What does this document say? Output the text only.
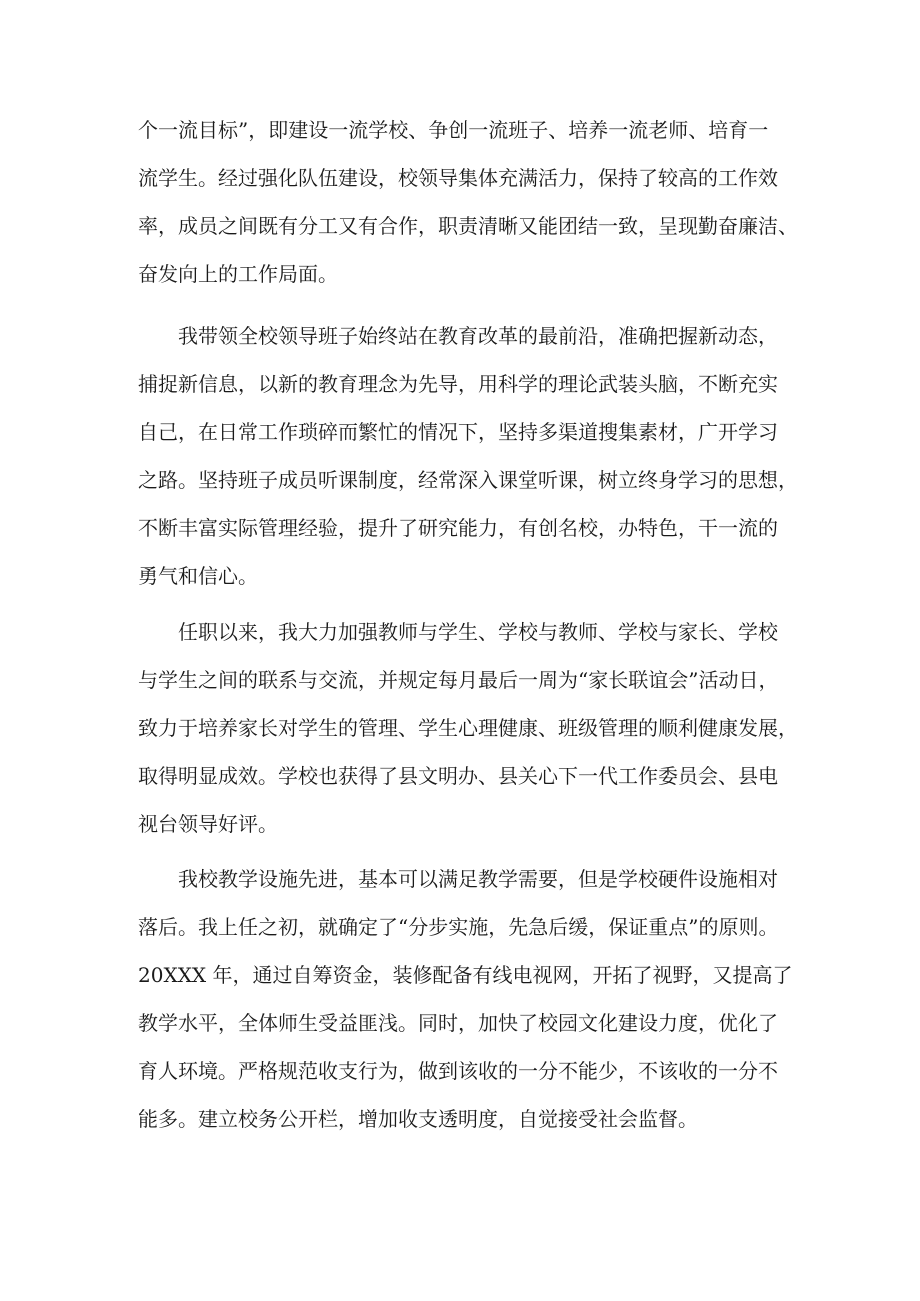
个一流目标”，即建设一流学校、争创一流班子、培养一流老师、培育一
流学生。经过强化队伍建设，校领导集体充满活力，保持了较高的工作效
率，成员之间既有分工又有合作，职责清晰又能团结一致，呈现勤奋廉洁、
奋发向上的工作局面。

　　我带领全校领导班子始终站在教育改革的最前沿，准确把握新动态，
捕捉新信息，以新的教育理念为先导，用科学的理论武装头脑，不断充实
自己，在日常工作琐碎而繁忙的情况下，坚持多渠道搜集素材，广开学习
之路。坚持班子成员听课制度，经常深入课堂听课，树立终身学习的思想，
不断丰富实际管理经验，提升了研究能力，有创名校，办特色，干一流的
勇气和信心。

　　任职以来，我大力加强教师与学生、学校与教师、学校与家长、学校
与学生之间的联系与交流，并规定每月最后一周为“家长联谊会”活动日，
致力于培养家长对学生的管理、学生心理健康、班级管理的顺利健康发展，
取得明显成效。学校也获得了县文明办、县关心下一代工作委员会、县电
视台领导好评。

　　我校教学设施先进，基本可以满足教学需要，但是学校硬件设施相对
落后。我上任之初，就确定了“分步实施，先急后缓，保证重点”的原则。
20XXX 年，通过自筹资金，装修配备有线电视网，开拓了视野，又提高了
教学水平，全体师生受益匪浅。同时，加快了校园文化建设力度，优化了
育人环境。严格规范收支行为，做到该收的一分不能少，不该收的一分不
能多。建立校务公开栏，增加收支透明度，自觉接受社会监督。
